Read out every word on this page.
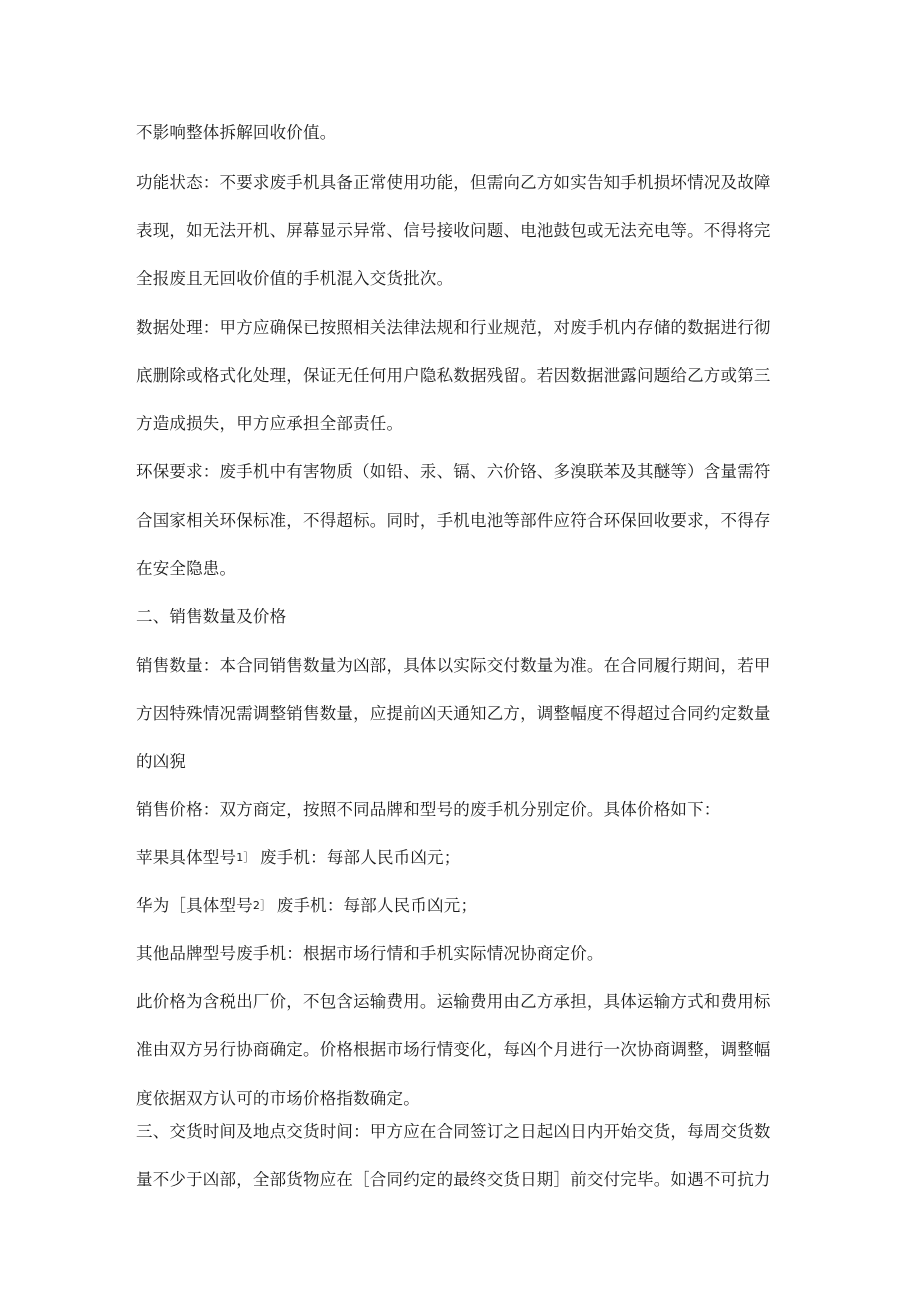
不影响整体拆解回收价值。
功能状态：不要求废手机具备正常使用功能，但需向乙方如实告知手机损坏情况及故障
表现，如无法开机、屏幕显示异常、信号接收问题、电池鼓包或无法充电等。不得将完
全报废且无回收价值的手机混入交货批次。
数据处理：甲方应确保已按照相关法律法规和行业规范，对废手机内存储的数据进行彻
底删除或格式化处理，保证无任何用户隐私数据残留。若因数据泄露问题给乙方或第三
方造成损失，甲方应承担全部责任。
环保要求：废手机中有害物质（如铅、汞、镉、六价铬、多溴联苯及其醚等）含量需符
合国家相关环保标准，不得超标。同时，手机电池等部件应符合环保回收要求，不得存
在安全隐患。
二、销售数量及价格
销售数量：本合同销售数量为凶部，具体以实际交付数量为准。在合同履行期间，若甲
方因特殊情况需调整销售数量，应提前凶天通知乙方，调整幅度不得超过合同约定数量
的凶猊
销售价格：双方商定，按照不同品牌和型号的废手机分别定价。具体价格如下：
苹果具体型号1］ 废手机：每部人民币凶元；
华为［具体型号2］ 废手机：每部人民币凶元；
其他品牌型号废手机：根据市场行情和手机实际情况协商定价。
此价格为含税出厂价，不包含运输费用。运输费用由乙方承担，具体运输方式和费用标
准由双方另行协商确定。价格根据市场行情变化，每凶个月进行一次协商调整，调整幅
度依据双方认可的市场价格指数确定。
三、交货时间及地点交货时间：甲方应在合同签订之日起凶日内开始交货，每周交货数
量不少于凶部，全部货物应在［合同约定的最终交货日期］前交付完毕。如遇不可抗力
